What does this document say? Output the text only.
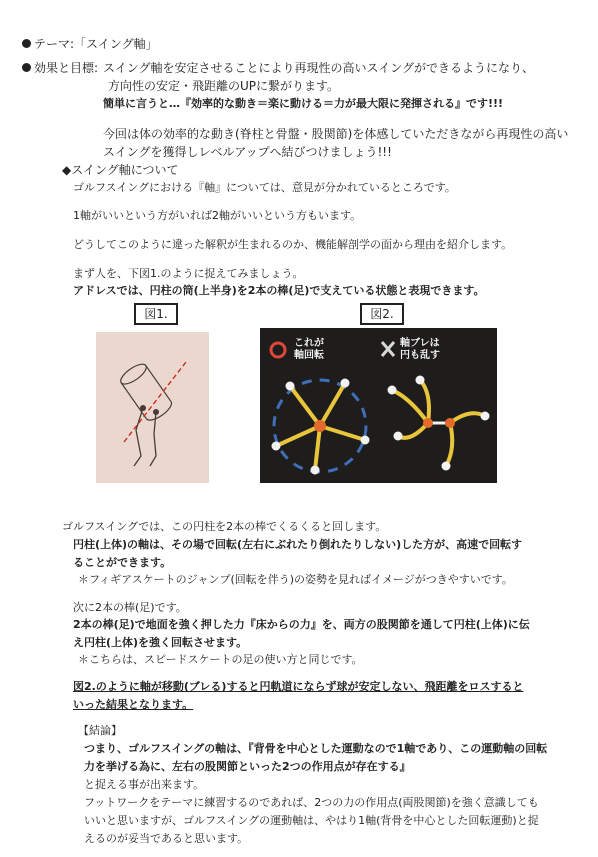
テーマ:「スイング軸」
効果と目標: スイング軸を安定させることにより再現性の高いスイングができるようになり、
方向性の安定・飛距離のUPに繋がります。
簡単に言うと…『効率的な動き＝楽に動ける＝力が最大限に発揮される』です!!!
今回は体の効率的な動き(脊柱と骨盤・股関節)を体感していただきながら再現性の高い
スイングを獲得しレベルアップへ結びつけましょう!!!
◆スイング軸について
ゴルフスイングにおける『軸』については、意見が分かれているところです。
1軸がいいという方がいれば2軸がいいという方もいます。
どうしてこのように違った解釈が生まれるのか、機能解剖学の面から理由を紹介します。
まず人を、下図1.のように捉えてみましょう。
アドレスでは、円柱の筒(上半身)を2本の棒(足)で支えている状態と表現できます。
図1.	図2.
これが
軸回転
軸ブレは
円も乱す
ゴルフスイングでは、この円柱を2本の棒でくるくると回します。
円柱(上体)の軸は、その場で回転(左右にぶれたり倒れたりしない)した方が、高速で回転す
ることができます。
＊フィギアスケートのジャンプ(回転を伴う)の姿勢を見ればイメージがつきやすいです。
次に2本の棒(足)です。
2本の棒(足)で地面を強く押した力『床からの力』を、両方の股関節を通して円柱(上体)に伝
え円柱(上体)を強く回転させます。
＊こちらは、スピードスケートの足の使い方と同じです。
図2.のように軸が移動(ブレる)すると円軌道にならず球が安定しない、飛距離をロスすると
いった結果となります。
【結論】
つまり、ゴルフスイングの軸は、『背骨を中心とした運動なので1軸であり、この運動軸の回転
力を挙げる為に、左右の股関節といった2つの作用点が存在する』
と捉える事が出来ます。
フットワークをテーマに練習するのであれば、2つの力の作用点(両股関節)を強く意識しても
いいと思いますが、ゴルフスイングの運動軸は、やはり1軸(背骨を中心とした回転運動)と捉
えるのが妥当であると思います。
